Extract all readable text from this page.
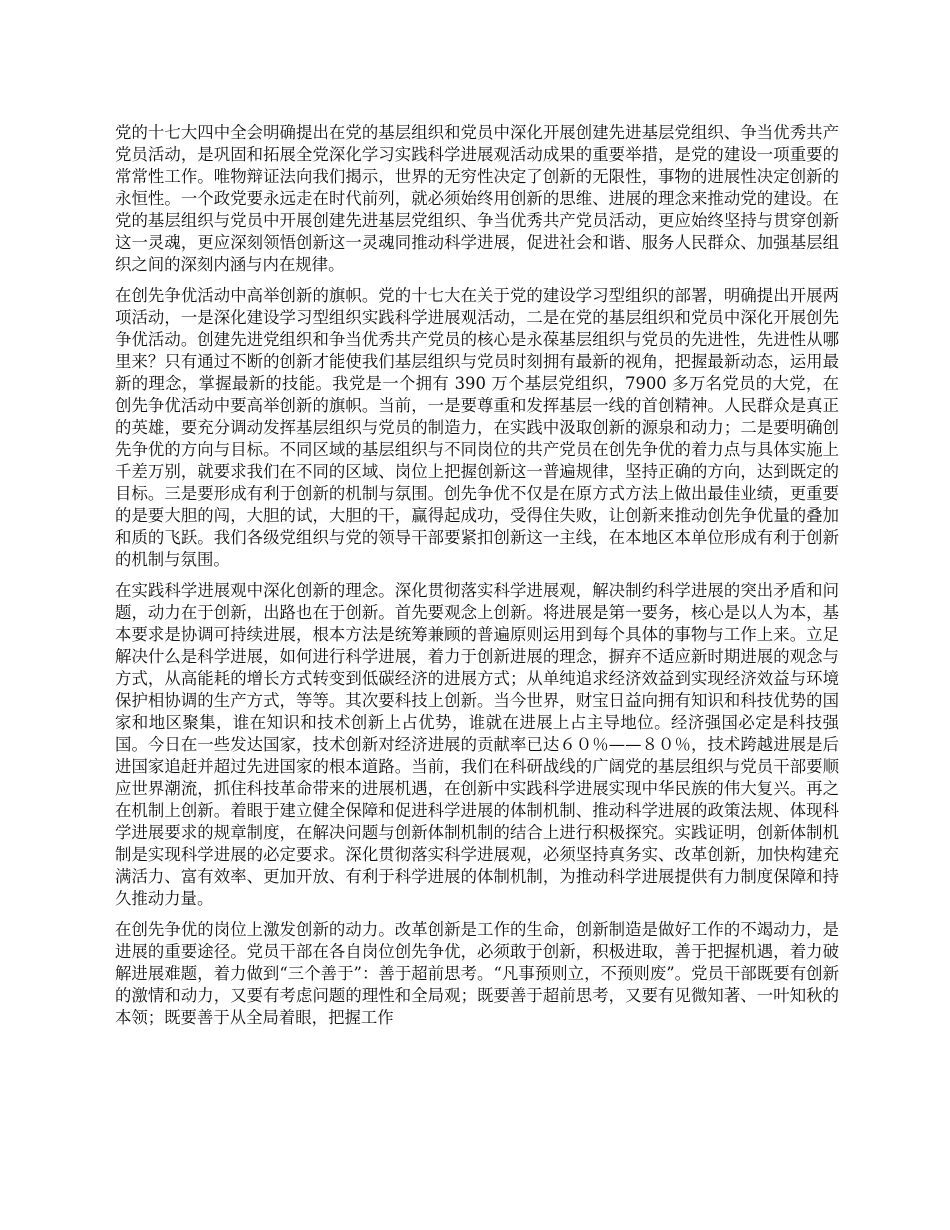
党的十七大四中全会明确提出在党的基层组织和党员中深化开展创建先进基层党组织、争当优秀共产党员活动，是巩固和拓展全党深化学习实践科学进展观活动成果的重要举措，是党的建设一项重要的常常性工作。唯物辩证法向我们揭示，世界的无穷性决定了创新的无限性，事物的进展性决定创新的永恒性。一个政党要永远走在时代前列，就必须始终用创新的思维、进展的理念来推动党的建设。在党的基层组织与党员中开展创建先进基层党组织、争当优秀共产党员活动，更应始终坚持与贯穿创新这一灵魂，更应深刻领悟创新这一灵魂同推动科学进展，促进社会和谐、服务人民群众、加强基层组织之间的深刻内涵与内在规律。

在创先争优活动中高举创新的旗帜。党的十七大在关于党的建设学习型组织的部署，明确提出开展两项活动，一是深化建设学习型组织实践科学进展观活动，二是在党的基层组织和党员中深化开展创先争优活动。创建先进党组织和争当优秀共产党员的核心是永葆基层组织与党员的先进性，先进性从哪里来？只有通过不断的创新才能使我们基层组织与党员时刻拥有最新的视角，把握最新动态，运用最新的理念，掌握最新的技能。我党是一个拥有 390 万个基层党组织，7900 多万名党员的大党，在创先争优活动中要高举创新的旗帜。当前，一是要尊重和发挥基层一线的首创精神。人民群众是真正的英雄，要充分调动发挥基层组织与党员的制造力，在实践中汲取创新的源泉和动力；二是要明确创先争优的方向与目标。不同区域的基层组织与不同岗位的共产党员在创先争优的着力点与具体实施上千差万别，就要求我们在不同的区域、岗位上把握创新这一普遍规律，坚持正确的方向，达到既定的目标。三是要形成有利于创新的机制与氛围。创先争优不仅是在原方式方法上做出最佳业绩，更重要的是要大胆的闯，大胆的试，大胆的干，赢得起成功，受得住失败，让创新来推动创先争优量的叠加和质的飞跃。我们各级党组织与党的领导干部要紧扣创新这一主线，在本地区本单位形成有利于创新的机制与氛围。

在实践科学进展观中深化创新的理念。深化贯彻落实科学进展观，解决制约科学进展的突出矛盾和问题，动力在于创新，出路也在于创新。首先要观念上创新。将进展是第一要务，核心是以人为本，基本要求是协调可持续进展，根本方法是统筹兼顾的普遍原则运用到每个具体的事物与工作上来。立足解决什么是科学进展，如何进行科学进展，着力于创新进展的理念，摒弃不适应新时期进展的观念与方式，从高能耗的增长方式转变到低碳经济的进展方式；从单纯追求经济效益到实现经济效益与环境保护相协调的生产方式，等等。其次要科技上创新。当今世界，财宝日益向拥有知识和科技优势的国家和地区聚集，谁在知识和技术创新上占优势，谁就在进展上占主导地位。经济强国必定是科技强国。今日在一些发达国家，技术创新对经济进展的贡献率已达６０％——８０％，技术跨越进展是后进国家追赶并超过先进国家的根本道路。当前，我们在科研战线的广阔党的基层组织与党员干部要顺应世界潮流，抓住科技革命带来的进展机遇，在创新中实践科学进展实现中华民族的伟大复兴。再之在机制上创新。着眼于建立健全保障和促进科学进展的体制机制、推动科学进展的政策法规、体现科学进展要求的规章制度，在解决问题与创新体制机制的结合上进行积极探究。实践证明，创新体制机制是实现科学进展的必定要求。深化贯彻落实科学进展观，必须坚持真务实、改革创新，加快构建充满活力、富有效率、更加开放、有利于科学进展的体制机制，为推动科学进展提供有力制度保障和持久推动力量。

在创先争优的岗位上激发创新的动力。改革创新是工作的生命，创新制造是做好工作的不竭动力，是进展的重要途径。党员干部在各自岗位创先争优，必须敢于创新，积极进取，善于把握机遇，着力破解进展难题，着力做到“三个善于”：善于超前思考。“凡事预则立，不预则废”。党员干部既要有创新的激情和动力，又要有考虑问题的理性和全局观；既要善于超前思考，又要有见微知著、一叶知秋的本领；既要善于从全局着眼，把握工作
